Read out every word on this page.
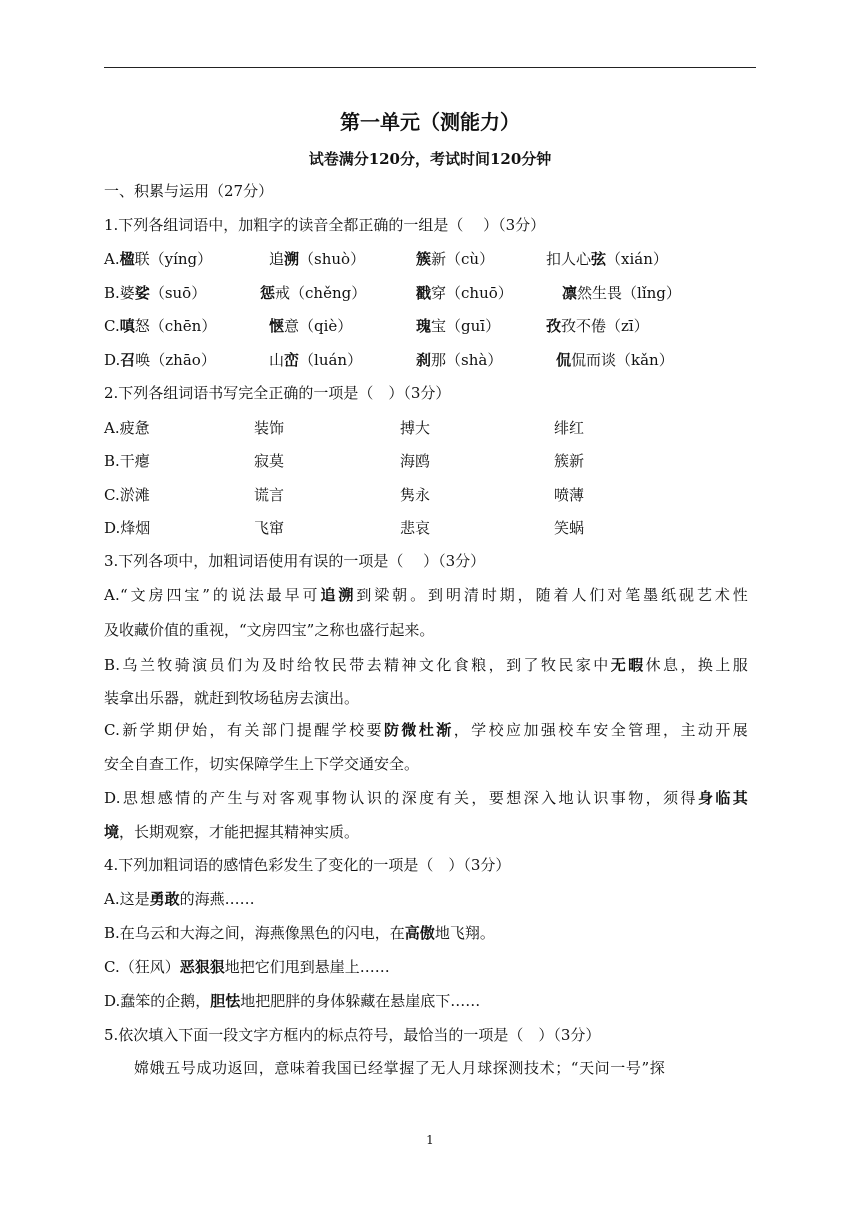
第一单元（测能力）
试卷满分120分，考试时间120分钟
一、积累与运用（27分）
1.下列各组词语中，加粗字的读音全都正确的一组是（　 ）（3分）
A.楹联（yíng）	追溯（shuò）	簇新（cù）	扣人心弦（xián）
B.婆娑（suō）	惩戒（chěng）	戳穿（chuō）	凛然生畏（lǐng）
C.嗔怒（chēn）	惬意（qiè）	瑰宝（guī）	孜孜不倦（zī）
D.召唤（zhāo）	山峦（luán）	刹那（shà）	侃侃而谈（kǎn）
2.下列各组词语书写完全正确的一项是（　）（3分）
A.疲惫	装饰	搏大	绯红
B.干瘪	寂莫	海鸥	簇新
C.淤滩	谎言	隽永	喷薄
D.烽烟	飞窜	悲哀	笑蜗
3.下列各项中，加粗词语使用有误的一项是（　 ）（3分）
A.“文房四宝”的说法最早可追溯到梁朝。到明清时期，随着人们对笔墨纸砚艺术性
及收藏价值的重视，“文房四宝”之称也盛行起来。
B.乌兰牧骑演员们为及时给牧民带去精神文化食粮，到了牧民家中无暇休息，换上服
装拿出乐器，就赶到牧场毡房去演出。
C.新学期伊始，有关部门提醒学校要防微杜渐，学校应加强校车安全管理，主动开展
安全自查工作，切实保障学生上下学交通安全。
D.思想感情的产生与对客观事物认识的深度有关，要想深入地认识事物，须得身临其
境，长期观察，才能把握其精神实质。
4.下列加粗词语的感情色彩发生了变化的一项是（　）（3分）
A.这是勇敢的海燕……
B.在乌云和大海之间，海燕像黑色的闪电，在高傲地飞翔。
C.（狂风）恶狠狠地把它们甩到悬崖上……
D.蠢笨的企鹅，胆怯地把肥胖的身体躲藏在悬崖底下……
5.依次填入下面一段文字方框内的标点符号，最恰当的一项是（　）（3分）
嫦娥五号成功返回，意味着我国已经掌握了无人月球探测技术；“天问一号”探
1
